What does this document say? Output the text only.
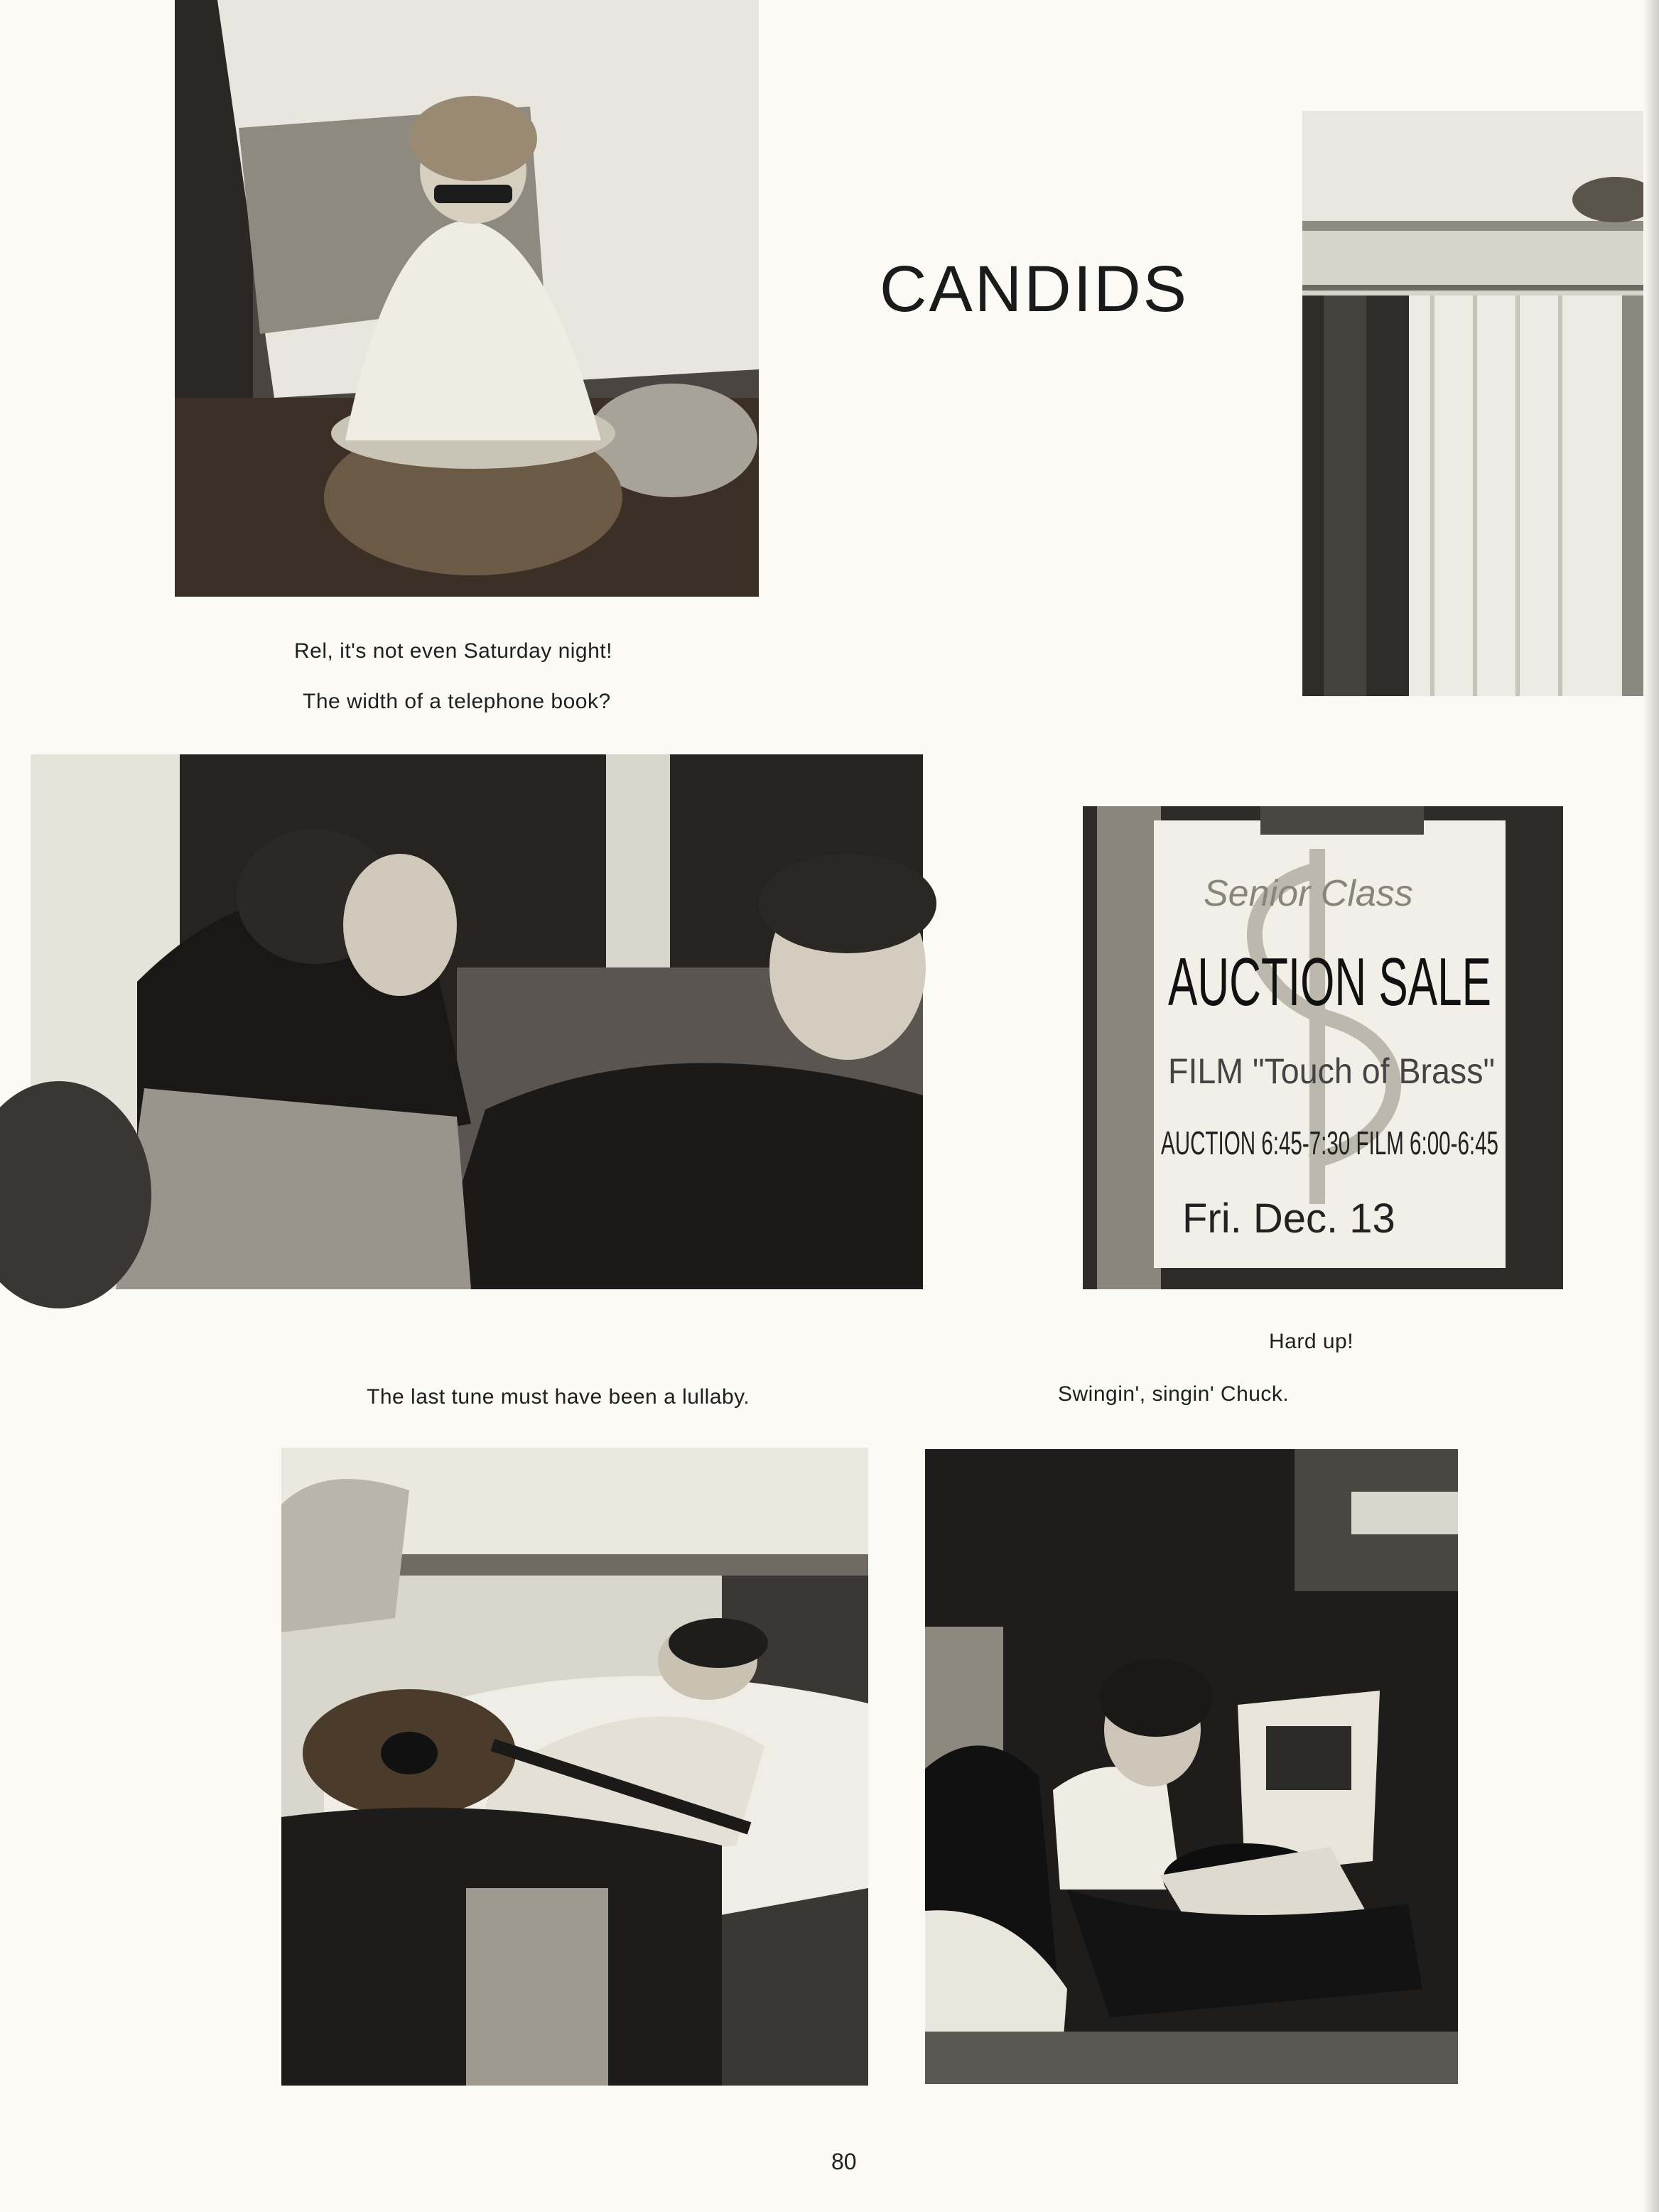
CANDIDS
Rel, it's not even Saturday night!
The width of a telephone book?
Senior Class
AUCTION SALE
FILM "Touch of Brass"
AUCTION 6:45-7:30 FILM 6:00-6:45
Fri. Dec. 13
Hard up!
The last tune must have been a lullaby.	Swingin', singin' Chuck.
80
